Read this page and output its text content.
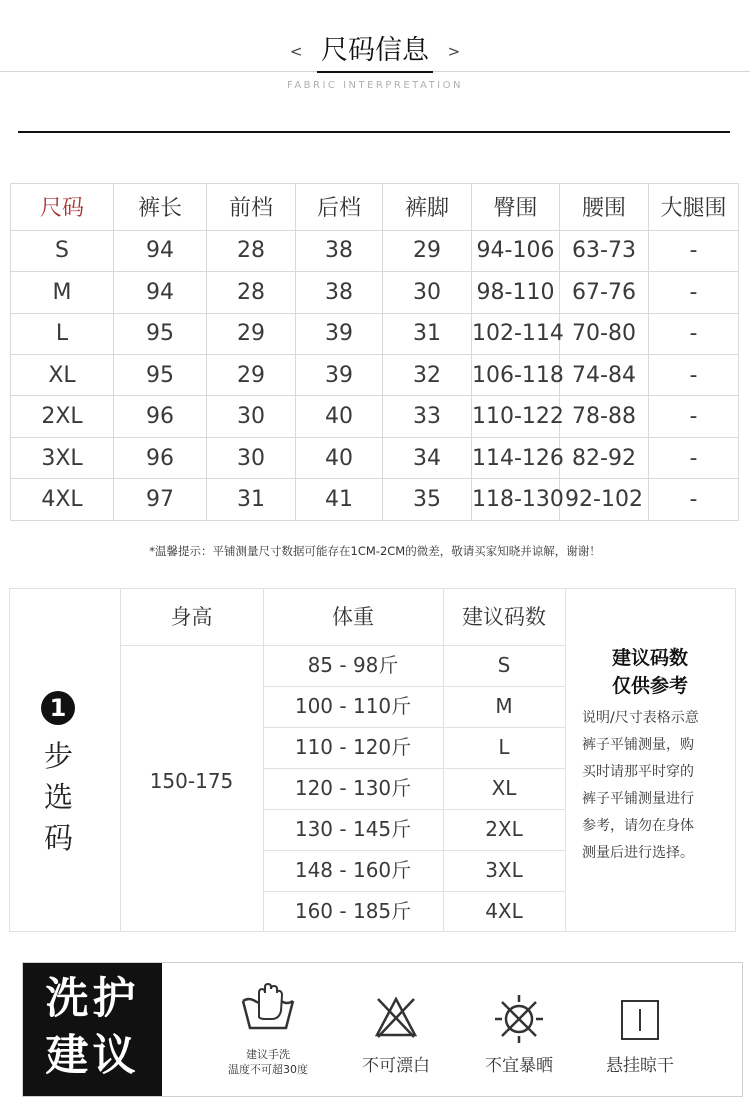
< 尺码信息 >
FABRIC INTERPRETATION
尺码	裤长	前档	后档	裤脚	臀围	腰围	大腿围
S	94	28	38	29	94-106	63-73	-
M	94	28	38	30	98-110	67-76	-
L	95	29	39	31	102-114	70-80	-
XL	95	29	39	32	106-118	74-84	-
2XL	96	30	40	33	110-122	78-88	-
3XL	96	30	40	34	114-126	82-92	-
4XL	97	31	41	35	118-130	92-102	-
*温馨提示：平铺测量尺寸数据可能存在1CM-2CM的微差，敬请买家知晓并谅解，谢谢！
1
步
选
码
身高	体重	建议码数
150-175
85 - 98斤	S
100 - 110斤	M
110 - 120斤	L
120 - 130斤	XL
130 - 145斤	2XL
148 - 160斤	3XL
160 - 185斤	4XL
建议码数
仅供参考
说明/尺寸表格示意
裤子平铺测量，购
买时请那平时穿的
裤子平铺测量进行
参考，请勿在身体
测量后进行选择。
洗护
建议	建议手洗
温度不可超30度	不可漂白	不宜暴晒	悬挂晾干
